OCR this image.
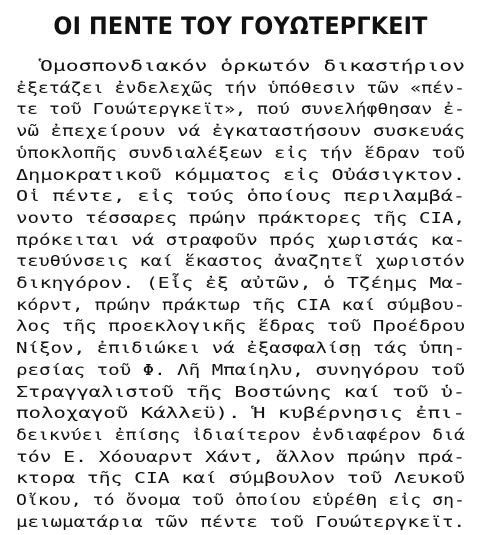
ΟΙ ΠΕΝΤΕ ΤΟΥ ΓΟΥΩΤΕΡΓΚΕΙΤ
Ὁμοσπονδιακόν ὁρκωτόν δικαστήριον
ἐξετάζει ἐνδελεχῶς τήν ὑπόθεσιν τῶν «πέν-
τε τοῦ Γουώτεργκεϊτ», πού συνελήφθησαν ἐ-
νῶ ἐπεχείρουν νά ἐγκαταστήσουν συσκευάς
ὑποκλοπῆς συνδιαλέξεων εἰς τήν ἕδραν τοῦ
Δημοκρατικοῦ κόμματος εἰς Οὐάσιγκτον.
Οἱ πέντε, εἰς τούς ὁποίους περιλαμβά-
νοντο τέσσαρες πρώην πράκτορες τῆς CIA,
πρόκειται νά στραφοῦν πρός χωριστάς κα-
τευθύνσεις καί ἕκαστος ἀναζητεῖ χωριστόν
δικηγόρον. (Εἷς ἐξ αὐτῶν, ὁ Τζέημς Μα-
κόρντ, πρώην πράκτωρ τῆς CIA καί σύμβου-
λος τῆς προεκλογικῆς ἕδρας τοῦ Προέδρου
Νίξον, ἐπιδιώκει νά ἐξασφαλίσῃ τάς ὑπη-
ρεσίας τοῦ Φ. Λῆ Μπαίηλυ, συνηγόρου τοῦ
Στραγγαλιστοῦ τῆς Βοστώνης καί τοῦ ὑ-
πολοχαγοῦ Κάλλεϋ). Ἡ κυβέρνησις ἐπι-
δεικνύει ἐπίσης ἰδιαίτερον ἐνδιαφέρον διά
τόν Ε. Χόουαρντ Χάντ, ἄλλον πρώην πρά-
κτορα τῆς CIA καί σύμβουλον τοῦ Λευκοῦ
Οἴκου, τό ὄνομα τοῦ ὁποίου εὑρέθη εἰς ση-
μειωματάρια τῶν πέντε τοῦ Γουώτεργκεϊτ.
